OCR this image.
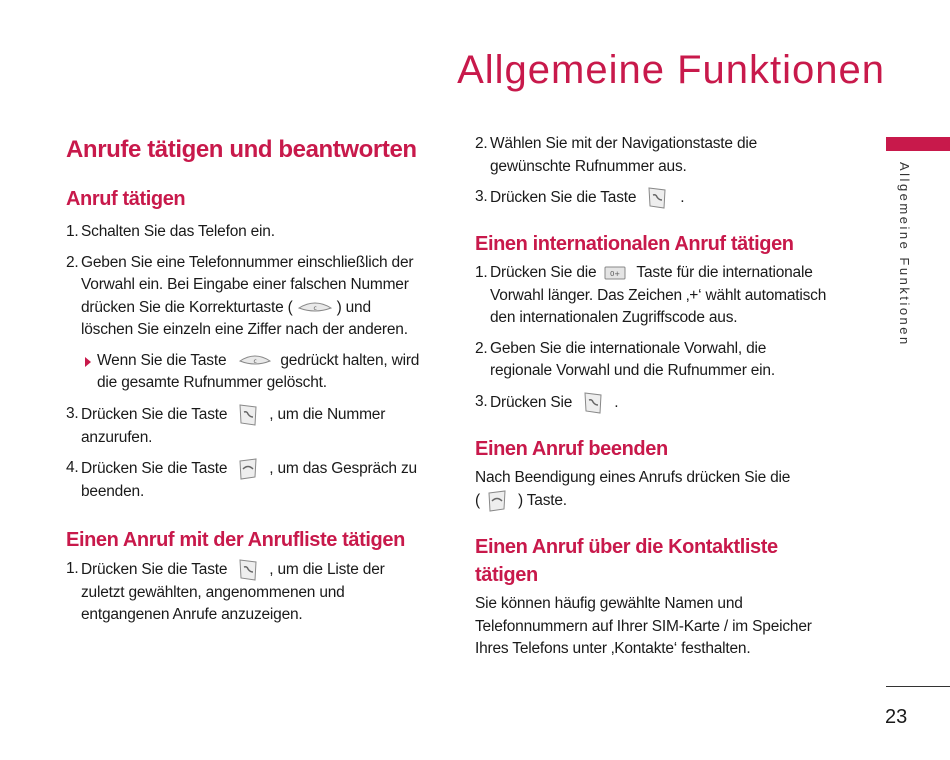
Allgemeine Funktionen
Allgemeine Funktionen
23
Anrufe tätigen und beantworten
Anruf tätigen

1. Schalten Sie das Telefon ein.

2. Geben Sie eine Telefonnummer einschließlich der
Vorwahl ein. Bei Eingabe einer falschen Nummer
drücken Sie die Korrekturtaste (	c ) und
löschen Sie einzeln eine Ziffer nach der anderen.

Wenn Sie die Taste	c gedrückt halten, wird
die gesamte Rufnummer gelöscht.

3. Drücken Sie die Taste	, um die Nummer
anzurufen.

4. Drücken Sie die Taste	, um das Gespräch zu
beenden.

Einen Anruf mit der Anrufliste tätigen

1. Drücken Sie die Taste	, um die Liste der
zuletzt gewählten, angenommenen und
entgangenen Anrufe anzuzeigen.

2. Wählen Sie mit der Navigationstaste die
gewünschte Rufnummer aus.

3. Drücken Sie die Taste	.

Einen internationalen Anruf tätigen

1. Drücken Sie die 0+ Taste für die internationale
Vorwahl länger. Das Zeichen ‚+‘ wählt automatisch
den internationalen Zugriffscode aus.

2. Geben Sie die internationale Vorwahl, die
regionale Vorwahl und die Rufnummer ein.

3. Drücken Sie	.

Einen Anruf beenden

Nach Beendigung eines Anrufs drücken Sie die
( ) Taste.

Einen Anruf über die Kontaktliste
tätigen

Sie können häufig gewählte Namen und
Telefonnummern auf Ihrer SIM-Karte / im Speicher
Ihres Telefons unter ‚Kontakte‘ festhalten.
